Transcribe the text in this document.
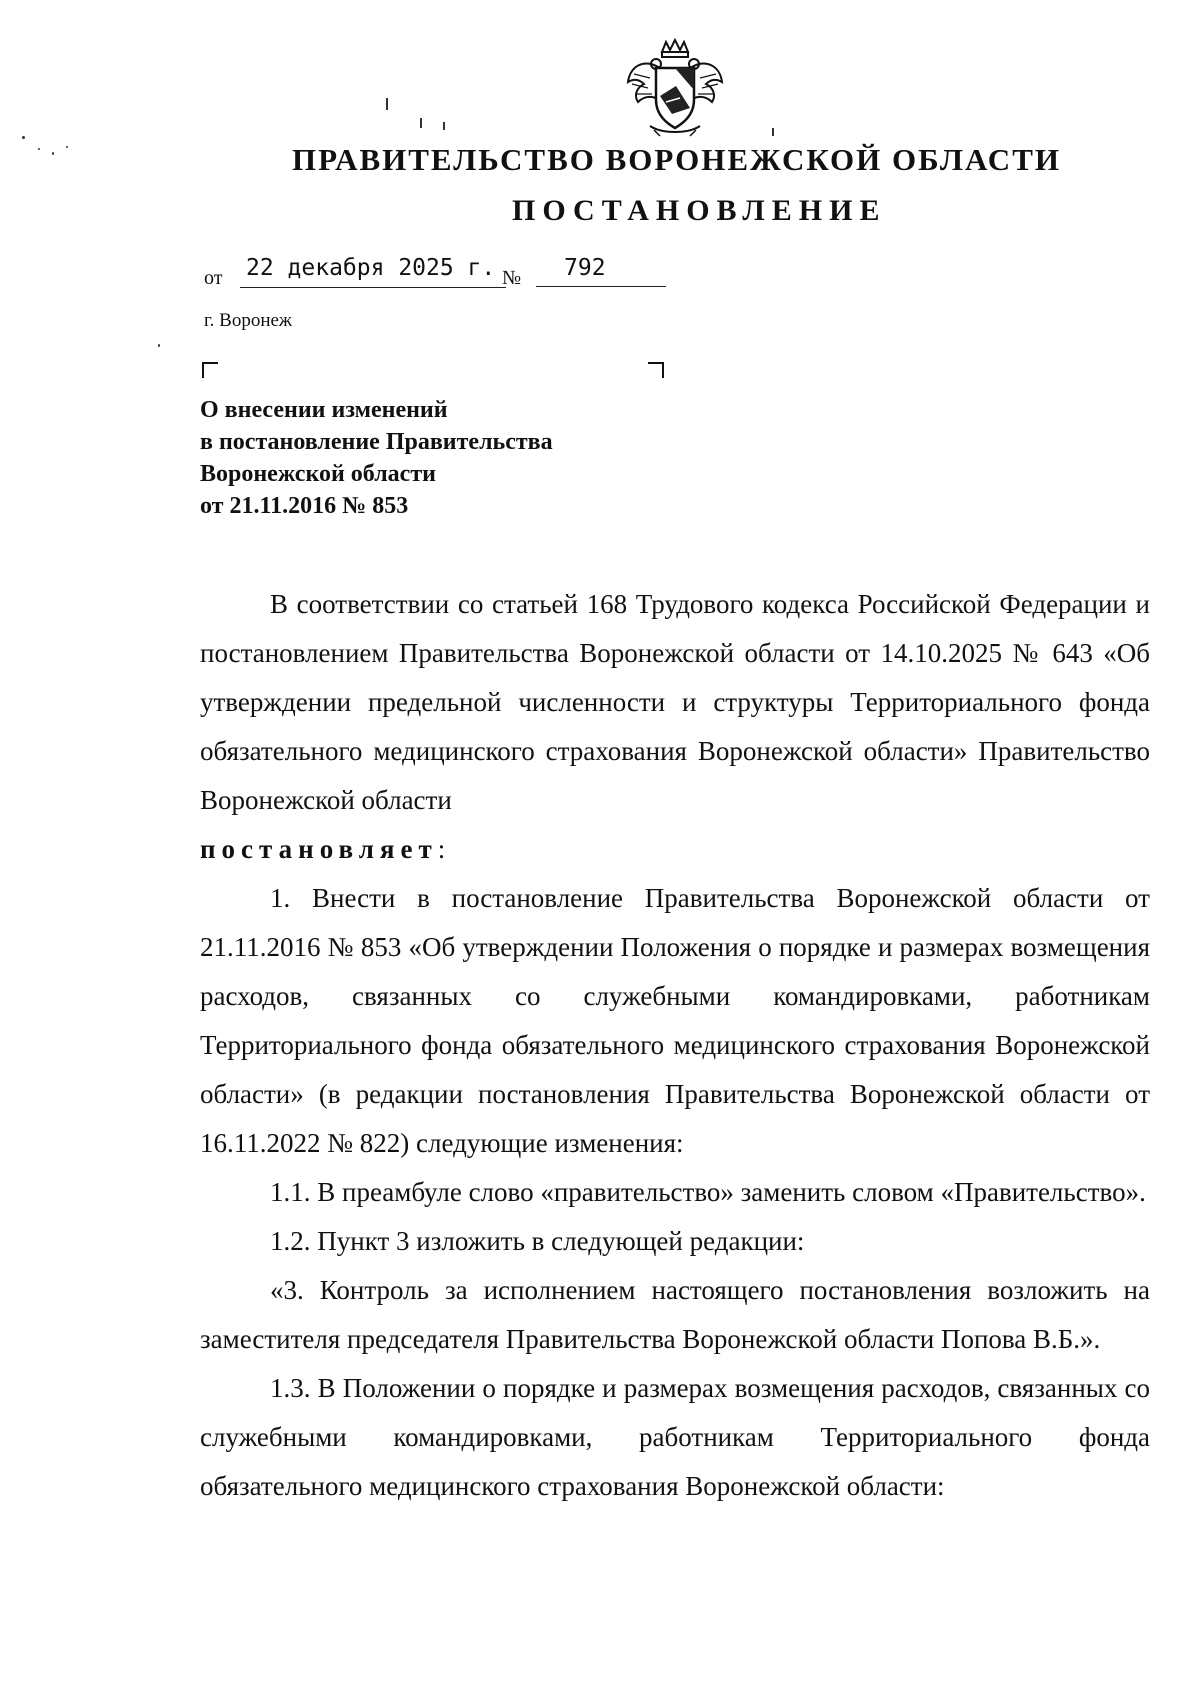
ПРАВИТЕЛЬСТВО ВОРОНЕЖСКОЙ ОБЛАСТИ
ПОСТАНОВЛЕНИЕ
от 22 декабря 2025 г. №	792
г. Воронеж
О внесении изменений
в постановление Правительства
Воронежской области
от 21.11.2016 № 853

В соответствии со статьей 168 Трудового кодекса Российской Федерации и постановлением Правительства Воронежской области от 14.10.2025 № 643 «Об утверждении предельной численности и структуры Территориального фонда обязательного медицинского страхования Воронежской области» Правительство Воронежской области

постановляет:

1. Внести в постановление Правительства Воронежской области от 21.11.2016 № 853 «Об утверждении Положения о порядке и размерах возмещения расходов, связанных со служебными командировками, работникам Территориального фонда обязательного медицинского страхования Воронежской области» (в редакции постановления Правительства Воронежской области от 16.11.2022 № 822) следующие изменения:

1.1. В преамбуле слово «правительство» заменить словом «Правительство».

1.2. Пункт 3 изложить в следующей редакции:

«3. Контроль за исполнением настоящего постановления возложить на заместителя председателя Правительства Воронежской области Попова В.Б.».

1.3. В Положении о порядке и размерах возмещения расходов, связанных со служебными командировками, работникам Территориального фонда обязательного медицинского страхования Воронежской области:
